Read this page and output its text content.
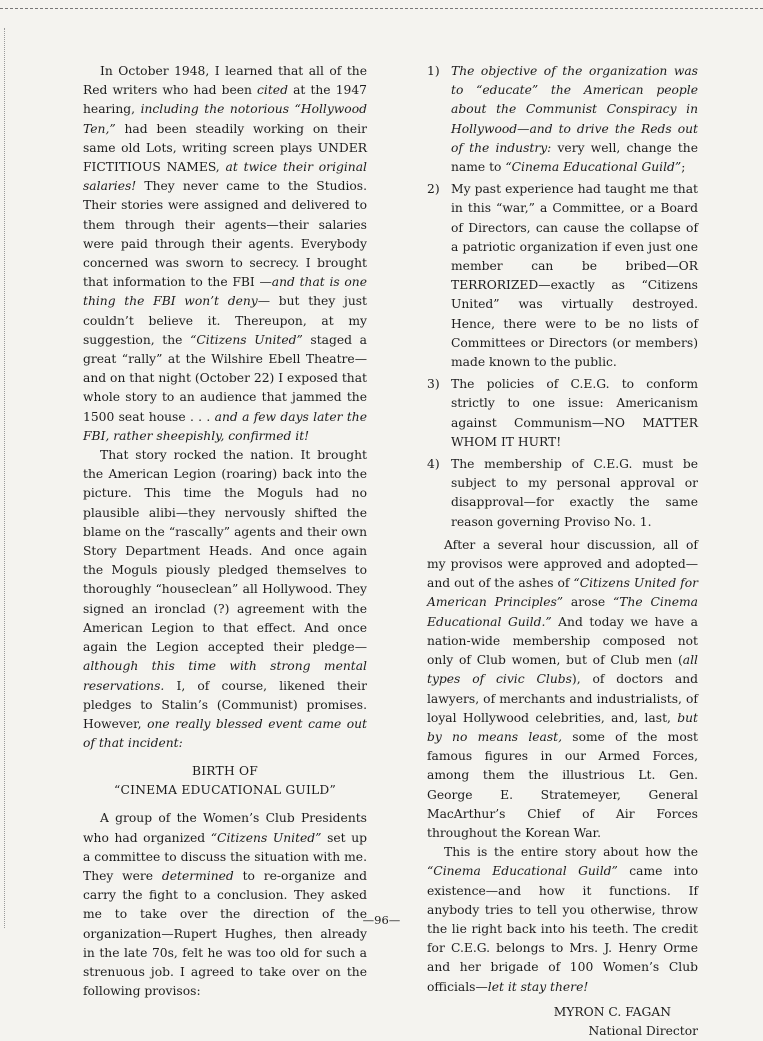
In October 1948, I learned that all of the Red writers who had been cited at the 1947 hearing, including the notorious “Hollywood Ten,” had been steadily working on their same old Lots, writing screen plays UNDER FICTITIOUS NAMES, at twice their original salaries! They never came to the Studios. Their stories were assigned and delivered to them through their agents—their salaries were paid through their agents. Everybody concerned was sworn to secrecy. I brought that information to the FBI —and that is one thing the FBI won’t deny— but they just couldn’t believe it. Thereupon, at my suggestion, the “Citizens United” staged a great “rally” at the Wilshire Ebell Theatre—and on that night (October 22) I exposed that whole story to an audience that jammed the 1500 seat house . . . and a few days later the FBI, rather sheepishly, confirmed it!

That story rocked the nation. It brought the American Legion (roaring) back into the picture. This time the Moguls had no plausible alibi—they nervously shifted the blame on the “rascally” agents and their own Story Department Heads. And once again the Moguls piously pledged themselves to thoroughly “houseclean” all Hollywood. They signed an ironclad (?) agreement with the American Legion to that effect. And once again the Legion accepted their pledge—although this time with strong mental reservations. I, of course, likened their pledges to Stalin’s (Communist) promises. However, one really blessed event came out of that incident:

BIRTH OF
“CINEMA EDUCATIONAL GUILD”

A group of the Women’s Club Presidents who had organized “Citizens United” set up a committee to discuss the situation with me. They were determined to re-organize and carry the fight to a conclusion. They asked me to take over the direction of the organization—Rupert Hughes, then already in the late 70s, felt he was too old for such a strenuous job. I agreed to take over on the following provisos:

1) The objective of the organization was to “educate” the American people about the Communist Conspiracy in Hollywood—and to drive the Reds out of the industry: very well, change the name to “Cinema Educational Guild”;
2) My past experience had taught me that in this “war,” a Committee, or a Board of Directors, can cause the collapse of a patriotic organization if even just one member can be bribed—OR TERRORIZED—exactly as “Citizens United” was virtually destroyed. Hence, there were to be no lists of Committees or Directors (or members) made known to the public.
3) The policies of C.E.G. to conform strictly to one issue: Americanism against Communism—NO MATTER WHOM IT HURT!
4) The membership of C.E.G. must be subject to my personal approval or disapproval—for exactly the same reason governing Proviso No. 1.

After a several hour discussion, all of my provisos were approved and adopted—and out of the ashes of “Citizens United for American Principles” arose “The Cinema Educational Guild.” And today we have a nation-wide membership composed not only of Club women, but of Club men (all types of civic Clubs), of doctors and lawyers, of merchants and industrialists, of loyal Hollywood celebrities, and, last, but by no means least, some of the most famous figures in our Armed Forces, among them the illustrious Lt. Gen. George E. Stratemeyer, General MacArthur’s Chief of Air Forces throughout the Korean War.

This is the entire story about how the “Cinema Educational Guild” came into existence—and how it functions. If anybody tries to tell you otherwise, throw the lie right back into his teeth. The credit for C.E.G. belongs to Mrs. J. Henry Orme and her brigade of 100 Women’s Club officials—let it stay there!

MYRON C. FAGAN
National Director
—96—
